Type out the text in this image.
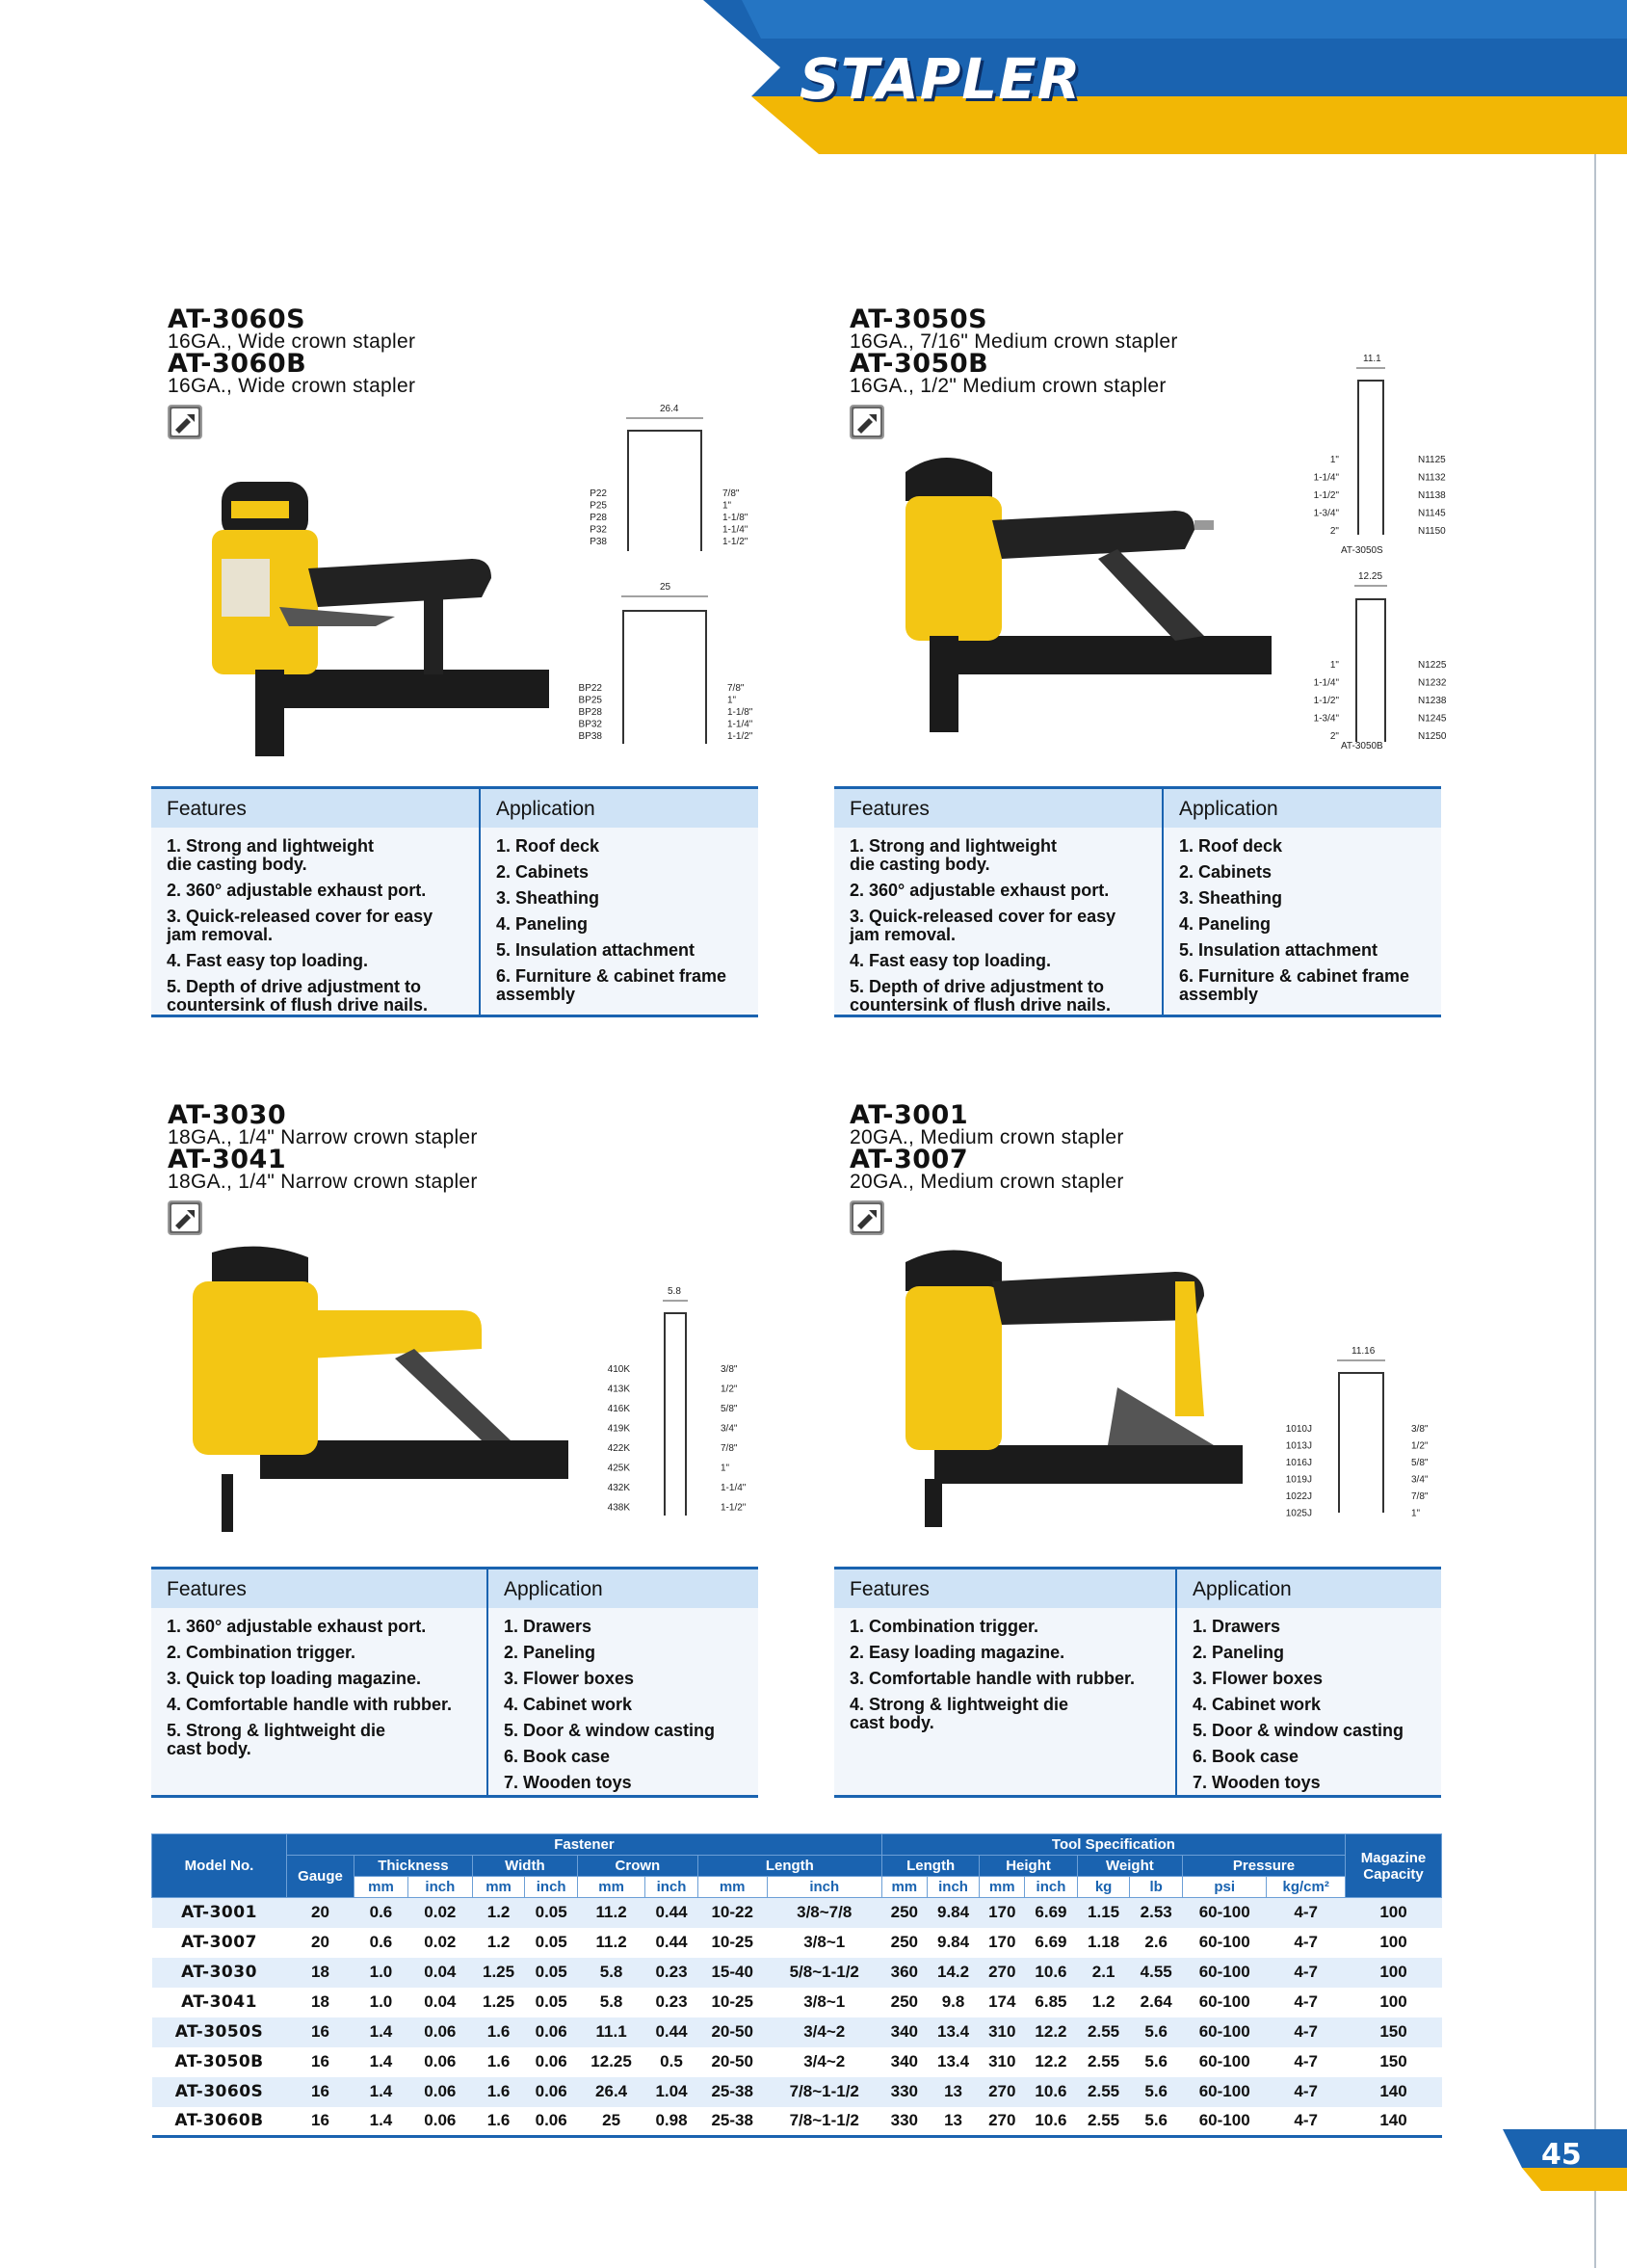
STAPLER
AT-3060S
16GA., Wide crown stapler
AT-3060B
16GA., Wide crown stapler
26.4
P22
P25
P28
P32
P38
7/8"
1"
1-1/8"
1-1/4"
1-1/2"
25
BP22
BP25
BP28
BP32
BP38
7/8"
1"
1-1/8"
1-1/4"
1-1/2"
Features
1. Strong and lightweight
die casting body.
2. 360° adjustable exhaust port.
3. Quick-released cover for easy
jam removal.
4. Fast easy top loading.
5. Depth of drive adjustment to
countersink of flush drive nails.
Application
1. Roof deck
2. Cabinets
3. Sheathing
4. Paneling
5. Insulation attachment
6. Furniture & cabinet frame
assembly
AT-3050S
16GA., 7/16" Medium crown stapler
AT-3050B
16GA., 1/2" Medium crown stapler
11.1
AT-3050S
1"
1-1/4"
1-1/2"
1-3/4"
2"
N1125
N1132
N1138
N1145
N1150
12.25
AT-3050B
1"
1-1/4"
1-1/2"
1-3/4"
2"
N1225
N1232
N1238
N1245
N1250
Features
1. Strong and lightweight
die casting body.
2. 360° adjustable exhaust port.
3. Quick-released cover for easy
jam removal.
4. Fast easy top loading.
5. Depth of drive adjustment to
countersink of flush drive nails.
Application
1. Roof deck
2. Cabinets
3. Sheathing
4. Paneling
5. Insulation attachment
6. Furniture & cabinet frame
assembly
AT-3030
18GA., 1/4" Narrow crown stapler
AT-3041
18GA., 1/4" Narrow crown stapler
5.8
410K
413K
416K
419K
422K
425K
432K
438K
3/8"
1/2"
5/8"
3/4"
7/8"
1"
1-1/4"
1-1/2"
Features
1. 360° adjustable exhaust port.
2. Combination trigger.
3. Quick top loading magazine.
4. Comfortable handle with rubber.
5. Strong & lightweight die
cast body.
Application
1. Drawers
2. Paneling
3. Flower boxes
4. Cabinet work
5. Door & window casting
6. Book case
7. Wooden toys
AT-3001
20GA., Medium crown stapler
AT-3007
20GA., Medium crown stapler
11.16
1010J
1013J
1016J
1019J
1022J
1025J
3/8"
1/2"
5/8"
3/4"
7/8"
1"
Features
1. Combination trigger.
2. Easy loading magazine.
3. Comfortable handle with rubber.
4. Strong & lightweight die
cast body.
Application
1. Drawers
2. Paneling
3. Flower boxes
4. Cabinet work
5. Door & window casting
6. Book case
7. Wooden toys
Model No.	Fastener									Tool Specification								Magazine Capacity
	Gauge	Thickness		Width		Crown		Length		Length		Height		Weight		Pressure		
		mm	inch	mm	inch	mm	inch	mm	inch	mm	inch	mm	inch	kg	lb	psi	kg/cm²	
AT-3001	20	0.6	0.02	1.2	0.05	11.2	0.44	10-22	3/8~7/8	250	9.84	170	6.69	1.15	2.53	60-100	4-7	100
AT-3007	20	0.6	0.02	1.2	0.05	11.2	0.44	10-25	3/8~1	250	9.84	170	6.69	1.18	2.6	60-100	4-7	100
AT-3030	18	1.0	0.04	1.25	0.05	5.8	0.23	15-40	5/8~1-1/2	360	14.2	270	10.6	2.1	4.55	60-100	4-7	100
AT-3041	18	1.0	0.04	1.25	0.05	5.8	0.23	10-25	3/8~1	250	9.8	174	6.85	1.2	2.64	60-100	4-7	100
AT-3050S	16	1.4	0.06	1.6	0.06	11.1	0.44	20-50	3/4~2	340	13.4	310	12.2	2.55	5.6	60-100	4-7	150
AT-3050B	16	1.4	0.06	1.6	0.06	12.25	0.5	20-50	3/4~2	340	13.4	310	12.2	2.55	5.6	60-100	4-7	150
AT-3060S	16	1.4	0.06	1.6	0.06	26.4	1.04	25-38	7/8~1-1/2	330	13	270	10.6	2.55	5.6	60-100	4-7	140
AT-3060B	16	1.4	0.06	1.6	0.06	25	0.98	25-38	7/8~1-1/2	330	13	270	10.6	2.55	5.6	60-100	4-7	140
45
